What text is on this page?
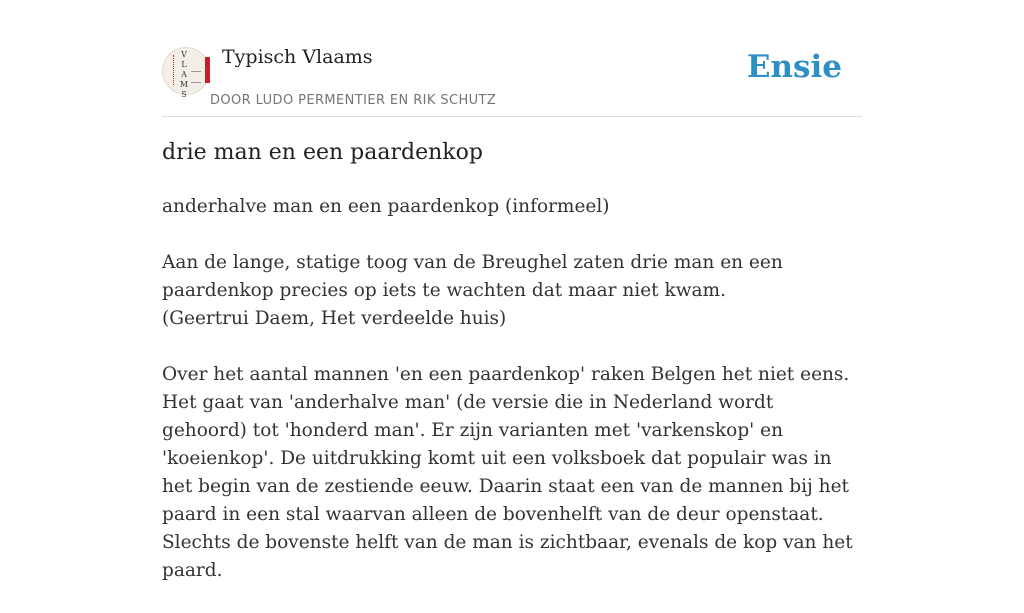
V
L
A
M
S
Typisch Vlaams
DOOR LUDO PERMENTIER EN RIK SCHUTZ
Ensie
drie man en een paardenkop

anderhalve man en een paardenkop (informeel)

Aan de lange, statige toog van de Breughel zaten drie man en een paardenkop precies op iets te wachten dat maar niet kwam.
(Geertrui Daem, Het verdeelde huis)

Over het aantal mannen 'en een paardenkop' raken Belgen het niet eens. Het gaat van 'anderhalve man' (de versie die in Nederland wordt gehoord) tot 'honderd man'. Er zijn varianten met 'varkenskop' en 'koeienkop'. De uitdrukking komt uit een volksboek dat populair was in het begin van de zestiende eeuw. Daarin staat een van de mannen bij het paard in een stal waarvan alleen de bovenhelft van de deur openstaat. Slechts de bovenste helft van de man is zichtbaar, evenals de kop van het paard.
